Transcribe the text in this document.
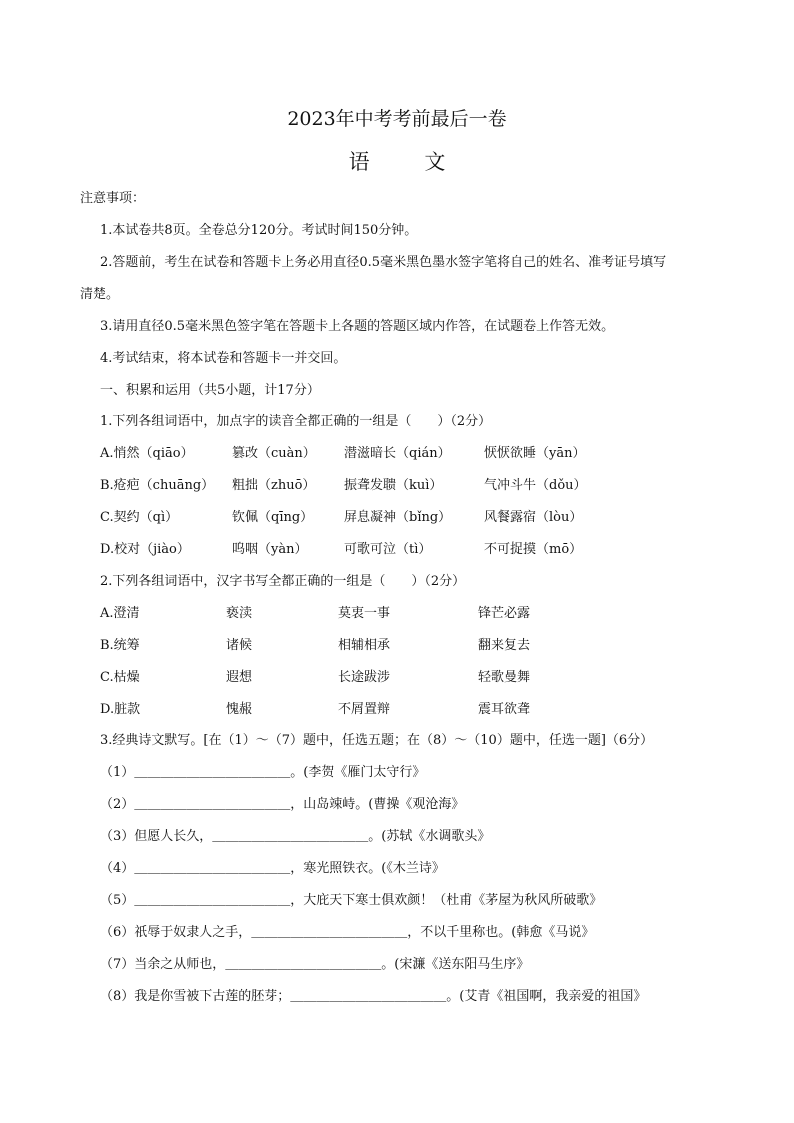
2023年中考考前最后一卷
语	文
注意事项：
1.本试卷共8页。全卷总分120分。考试时间150分钟。
2.答题前，考生在试卷和答题卡上务必用直径0.5毫米黑色墨水签字笔将自己的姓名、准考证号填写
清楚。
3.请用直径0.5毫米黑色签字笔在答题卡上各题的答题区域内作答，在试题卷上作答无效。
4.考试结束，将本试卷和答题卡一并交回。
一、积累和运用（共5小题，计17分）
1.下列各组词语中，加点字的读音全都正确的一组是（　　）（2分）
A.悄然（qiāo）	篡改（cuàn） 潜滋暗长（qián）	恹恹欲睡（yān）
B.疮疤（chuāng） 粗拙（zhuō） 振聋发聩（kuì）	气冲斗牛（dǒu）
C.契约（qì）	钦佩（qīng） 屏息凝神（bǐng）	风餐露宿（lòu）
D.校对（jiào）	呜咽（yàn）	可歌可泣（tì）	不可捉摸（mō）
2.下列各组词语中，汉字书写全都正确的一组是（　　）（2分）
A.澄清	亵渎	莫衷一事	锋芒必露
B.统筹	诸候	相辅相承	翻来复去
C.枯燥	遐想	长途跋涉	轻歌曼舞
D.脏款	愧赧	不屑置辩	震耳欲聋
3.经典诗文默写。[在（1）～（7）题中，任选五题；在（8）～（10）题中，任选一题]（6分）
（1）＿＿＿＿＿＿＿＿＿＿＿＿。(李贺《雁门太守行》
（2）＿＿＿＿＿＿＿＿＿＿＿＿，山岛竦峙。(曹操《观沧海》
（3）但愿人长久，＿＿＿＿＿＿＿＿＿＿＿＿。(苏轼《水调歌头》
（4）＿＿＿＿＿＿＿＿＿＿＿＿，寒光照铁衣。(《木兰诗》
（5）＿＿＿＿＿＿＿＿＿＿＿＿，大庇天下寒士俱欢颜！（杜甫《茅屋为秋风所破歌》
（6）祇辱于奴隶人之手，＿＿＿＿＿＿＿＿＿＿＿＿，不以千里称也。(韩愈《马说》
（7）当余之从师也，＿＿＿＿＿＿＿＿＿＿＿＿。(宋濂《送东阳马生序》
（8）我是你雪被下古莲的胚芽；＿＿＿＿＿＿＿＿＿＿＿＿。(艾青《祖国啊，我亲爱的祖国》
